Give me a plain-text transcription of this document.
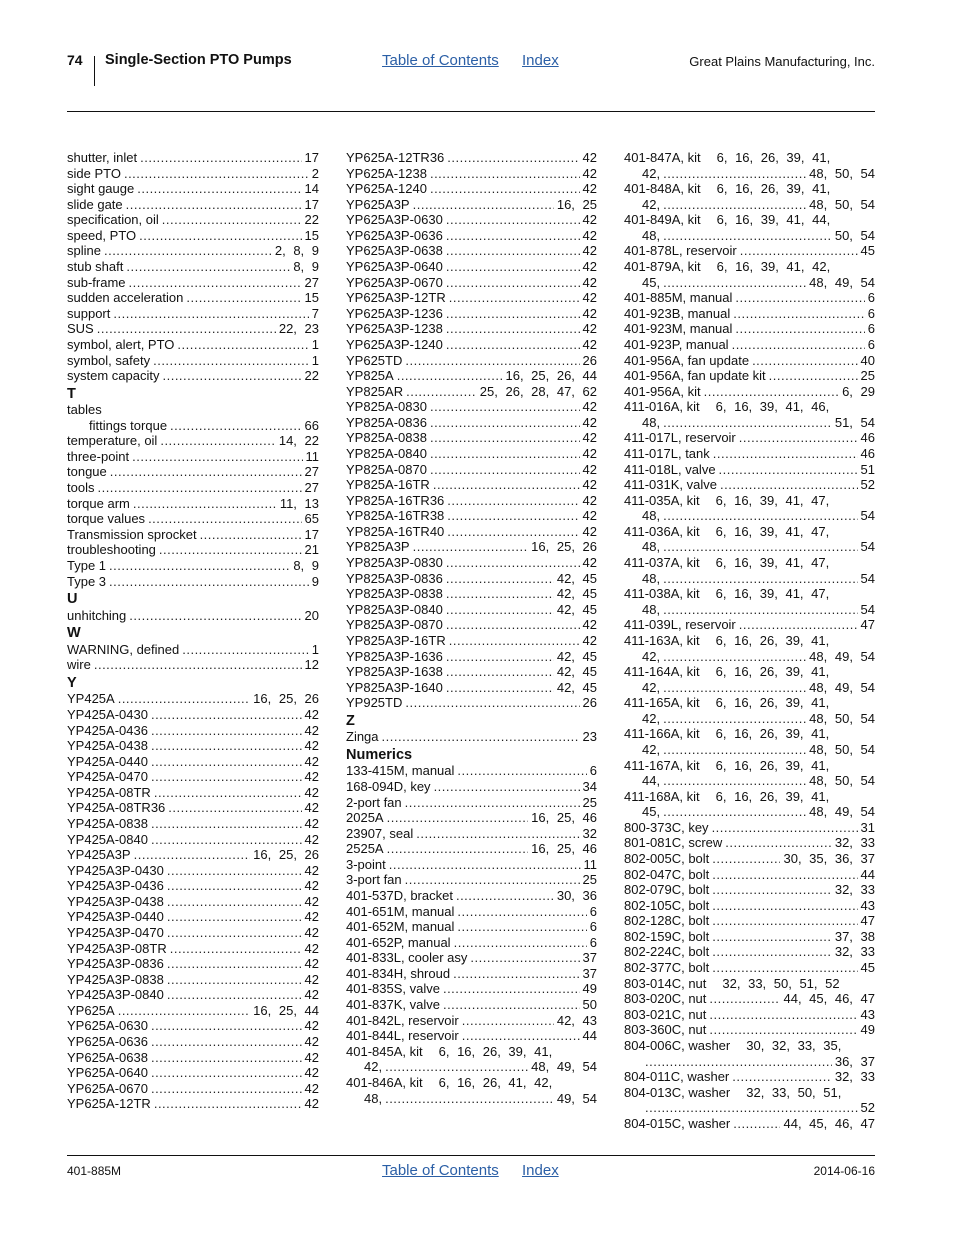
74 Single-Section PTO Pumps	Table of Contents Index	Great Plains Manufacturing, Inc.
shutter, inlet .....	17
side PTO .....	2
sight gauge .....	14
slide gate .....	17
specification, oil .....	22
speed, PTO .....	15
spline .....	2, 8, 9
stub shaft .....	8, 9
sub-frame .....	27
sudden acceleration .....	15
support .....	7
SUS .....	22, 23
symbol, alert, PTO .....	1
symbol, safety .....	1
system capacity .....	22
T
tables
fittings torque .....	66
temperature, oil .....	14, 22
three-point .....	11
tongue .....	27
tools .....	27
torque arm .....	11, 13
torque values .....	65
Transmission sprocket .....	17
troubleshooting .....	21
Type 1 .....	8, 9
Type 3 .....	9
U
unhitching .....	20
W
WARNING, defined .....	1
wire .....	12
Y
YP425A .....	16, 25, 26
YP425A-0430 .....	42
YP425A-0436 .....	42
YP425A-0438 .....	42
YP425A-0440 .....	42
YP425A-0470 .....	42
YP425A-08TR .....	42
YP425A-08TR36 .....	42
YP425A-0838 .....	42
YP425A-0840 .....	42
YP425A3P .....	16, 25, 26
YP425A3P-0430 .....	42
YP425A3P-0436 .....	42
YP425A3P-0438 .....	42
YP425A3P-0440 .....	42
YP425A3P-0470 .....	42
YP425A3P-08TR .....	42
YP425A3P-0836 .....	42
YP425A3P-0838 .....	42
YP425A3P-0840 .....	42
YP625A .....	16, 25, 44
YP625A-0630 .....	42
YP625A-0636 .....	42
YP625A-0638 .....	42
YP625A-0640 .....	42
YP625A-0670 .....	42
YP625A-12TR .....	42
YP625A-12TR36 .....	42
YP625A-1238 .....	42
YP625A-1240 .....	42
YP625A3P .....	16, 25
YP625A3P-0630 .....	42
YP625A3P-0636 .....	42
YP625A3P-0638 .....	42
YP625A3P-0640 .....	42
YP625A3P-0670 .....	42
YP625A3P-12TR .....	42
YP625A3P-1236 .....	42
YP625A3P-1238 .....	42
YP625A3P-1240 .....	42
YP625TD .....	26
YP825A .....	16, 25, 26, 44
YP825AR .....	25, 26, 28, 47, 62
YP825A-0830 .....	42
YP825A-0836 .....	42
YP825A-0838 .....	42
YP825A-0840 .....	42
YP825A-0870 .....	42
YP825A-16TR .....	42
YP825A-16TR36 .....	42
YP825A-16TR38 .....	42
YP825A-16TR40 .....	42
YP825A3P .....	16, 25, 26
YP825A3P-0830 .....	42
YP825A3P-0836 .....	42, 45
YP825A3P-0838 .....	42, 45
YP825A3P-0840 .....	42, 45
YP825A3P-0870 .....	42
YP825A3P-16TR .....	42
YP825A3P-1636 .....	42, 45
YP825A3P-1638 .....	42, 45
YP825A3P-1640 .....	42, 45
YP925TD .....	26
Z
Zinga .....	23
Numerics
133-415M, manual .....	6
168-094D, key .....	34
2-port fan .....	25
2025A .....	16, 25, 46
23907, seal .....	32
2525A .....	16, 25, 46
3-point .....	11
3-port fan .....	25
401-537D, bracket .....	30, 36
401-651M, manual .....	6
401-652M, manual .....	6
401-652P, manual .....	6
401-833L, cooler asy .....	37
401-834H, shroud .....	37
401-835S, valve .....	49
401-837K, valve .....	50
401-842L, reservoir .....	42, 43
401-844L, reservoir .....	44
401-845A, kit 6, 16, 26, 39, 41,
42, .....	48, 49, 54
401-846A, kit 6, 16, 26, 41, 42,
48, .....	49, 54
401-847A, kit 6, 16, 26, 39, 41,
42, .....	48, 50, 54
401-848A, kit 6, 16, 26, 39, 41,
42, .....	48, 50, 54
401-849A, kit 6, 16, 39, 41, 44,
48, .....	50, 54
401-878L, reservoir .....	45
401-879A, kit 6, 16, 39, 41, 42,
45, .....	48, 49, 54
401-885M, manual .....	6
401-923B, manual .....	6
401-923M, manual .....	6
401-923P, manual .....	6
401-956A, fan update .....	40
401-956A, fan update kit .....	25
401-956A, kit .....	6, 29
411-016A, kit 6, 16, 39, 41, 46,
48, .....	51, 54
411-017L, reservoir .....	46
411-017L, tank .....	46
411-018L, valve .....	51
411-031K, valve .....	52
411-035A, kit 6, 16, 39, 41, 47,
48, .....	54
411-036A, kit 6, 16, 39, 41, 47,
48, .....	54
411-037A, kit 6, 16, 39, 41, 47,
48, .....	54
411-038A, kit 6, 16, 39, 41, 47,
48, .....	54
411-039L, reservoir .....	47
411-163A, kit 6, 16, 26, 39, 41,
42, .....	48, 49, 54
411-164A, kit 6, 16, 26, 39, 41,
42, .....	48, 49, 54
411-165A, kit 6, 16, 26, 39, 41,
42, .....	48, 50, 54
411-166A, kit 6, 16, 26, 39, 41,
42, .....	48, 50, 54
411-167A, kit 6, 16, 26, 39, 41,
44, .....	48, 50, 54
411-168A, kit 6, 16, 26, 39, 41,
45, .....	48, 49, 54
800-373C, key .....	31
801-081C, screw .....	32, 33
802-005C, bolt .....	30, 35, 36, 37
802-047C, bolt .....	44
802-079C, bolt .....	32, 33
802-105C, bolt .....	43
802-128C, bolt .....	47
802-159C, bolt .....	37, 38
802-224C, bolt .....	32, 33
802-377C, bolt .....	45
803-014C, nut 32, 33, 50, 51, 52
803-020C, nut .....	44, 45, 46, 47
803-021C, nut .....	43
803-360C, nut .....	49
804-006C, washer 30, 32, 33, 35,
.....
36, 37
804-011C, washer .....	32, 33
804-013C, washer 32, 33, 50, 51,
.....
52
804-015C, washer .....	44, 45, 46, 47
401-885M	Table of Contents Index	2014-06-16
